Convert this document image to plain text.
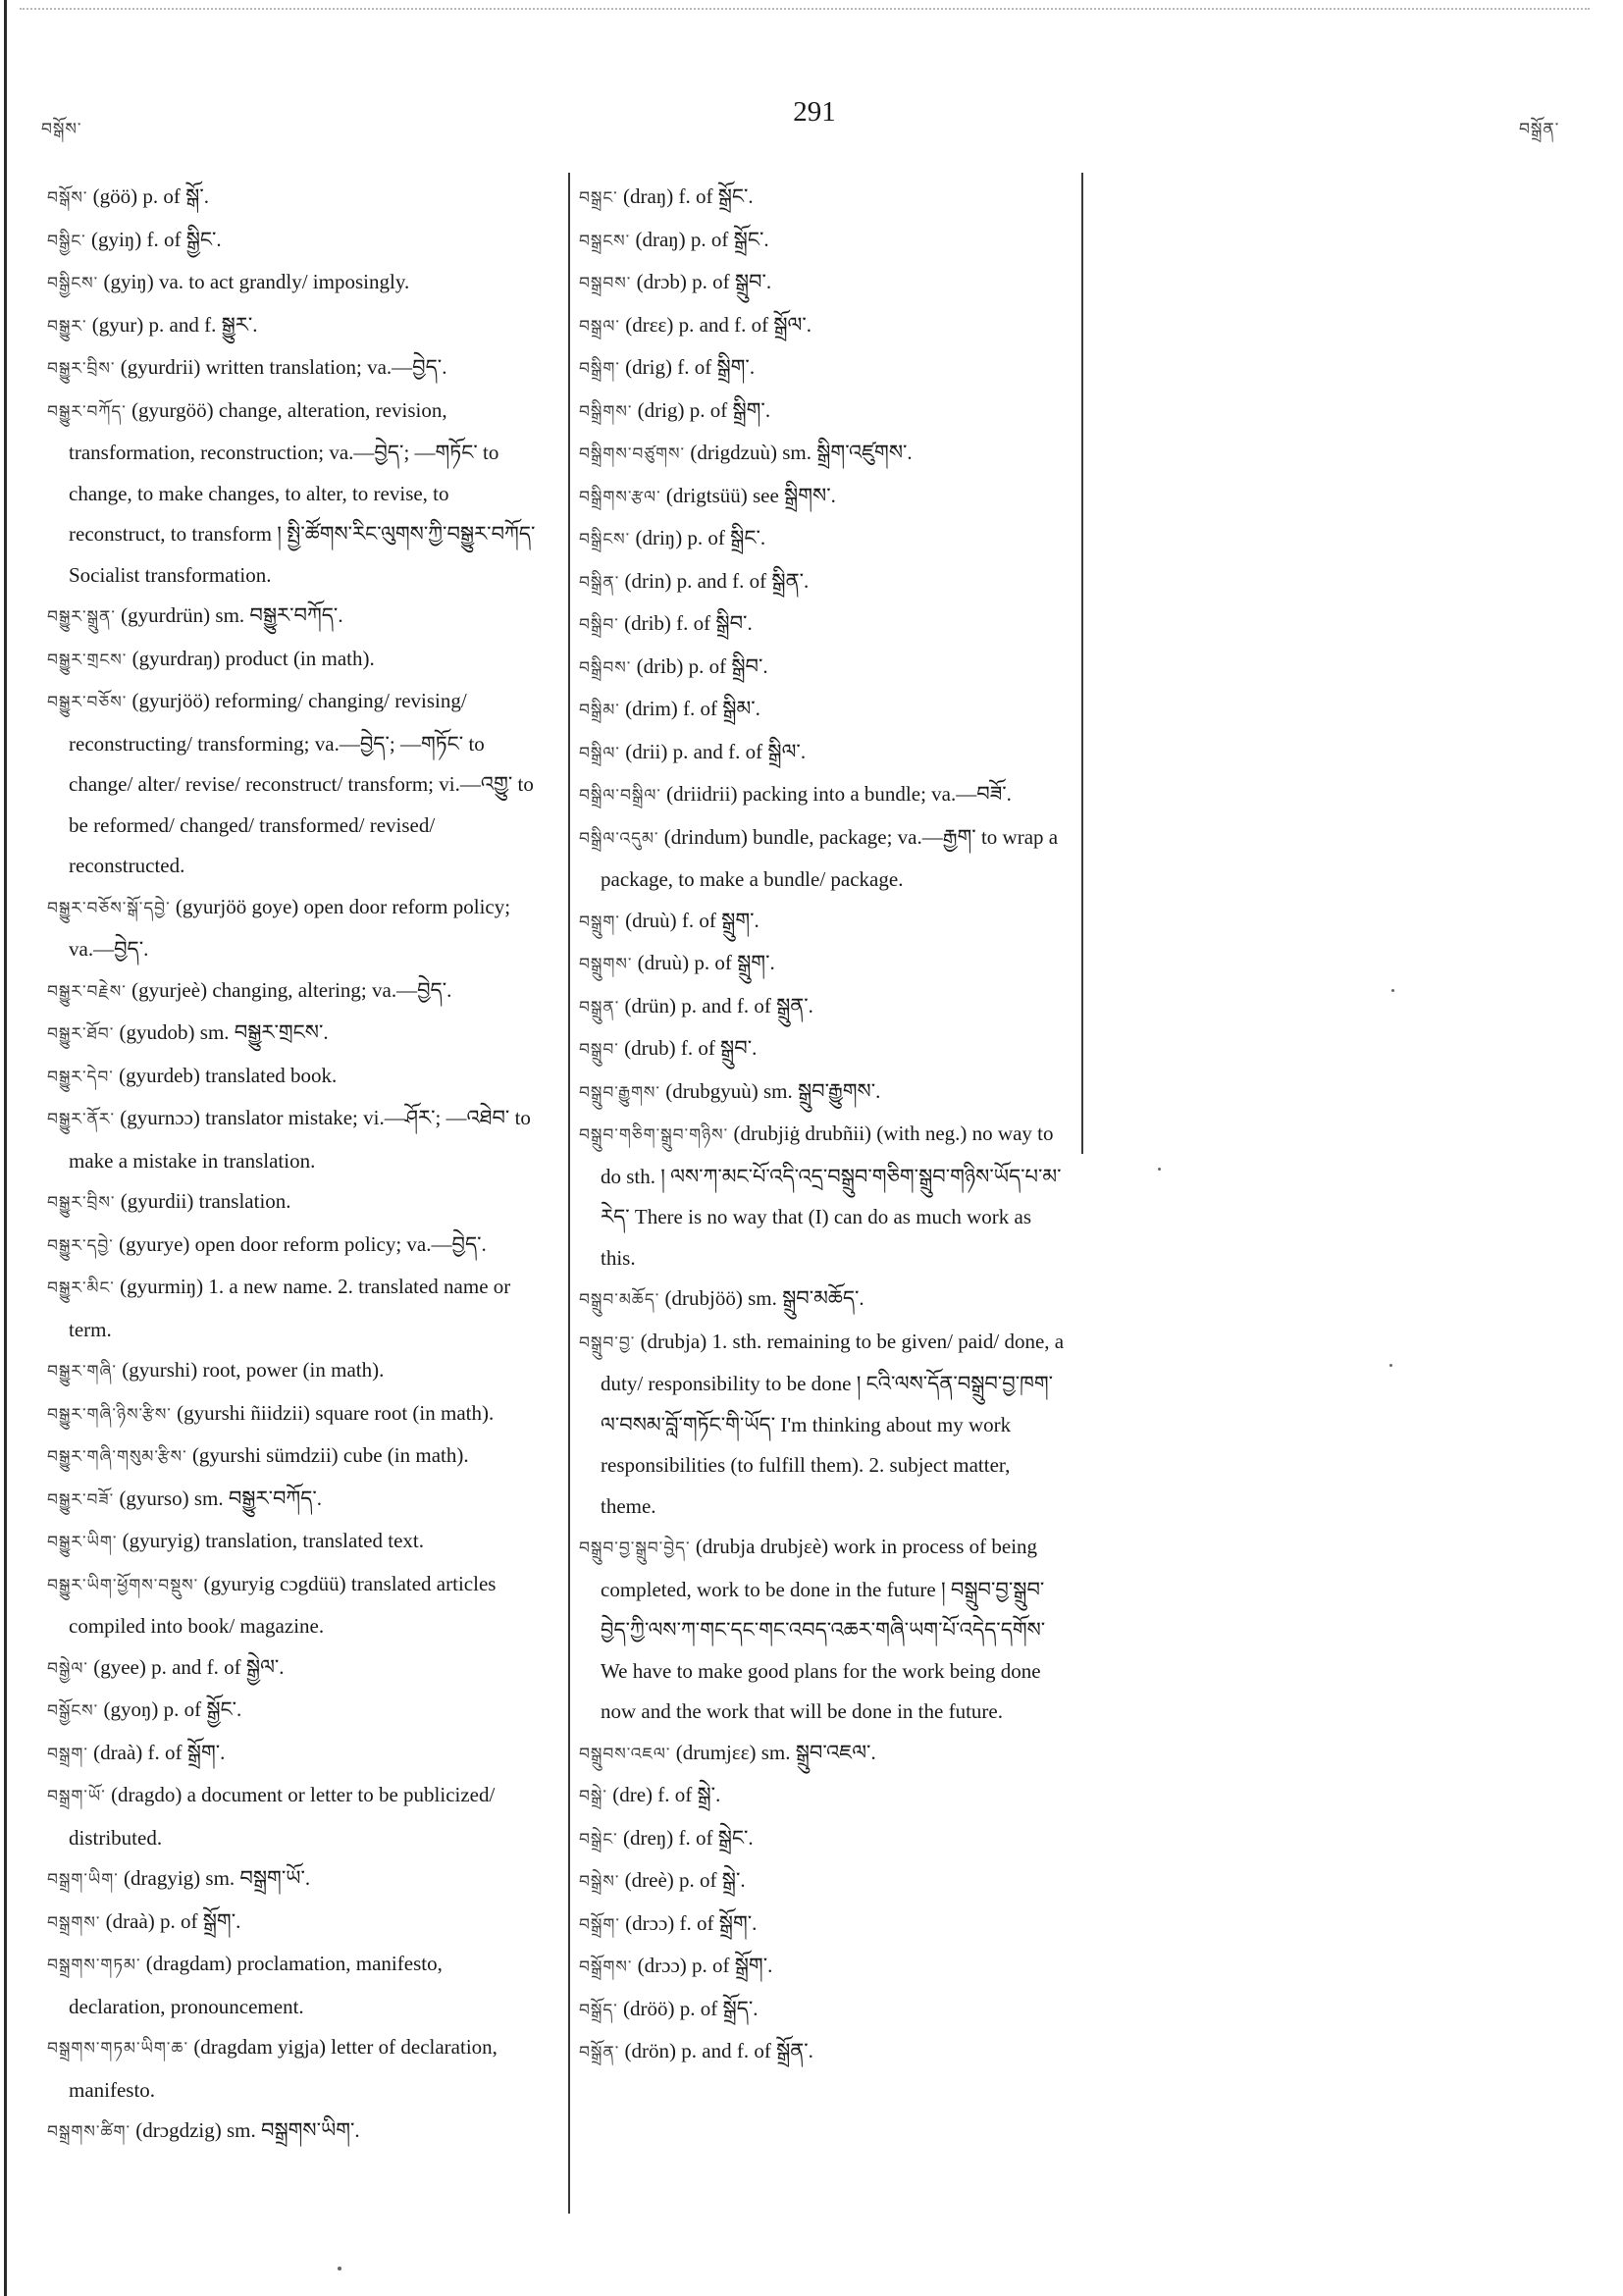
བསྒོས་
291
བསྒྲོན་
བསྒོས་ (göö) p. of སྒོ་.
བསྒྱིང་ (gyiŋ) f. of སྒྱིང་.
བསྒྱིངས་ (gyiŋ) va. to act grandly/ imposingly.
བསྒྱུར་ (gyur) p. and f. སྒྱུར་.
བསྒྱུར་བྲིས་ (gyurdrii) written translation; va.—བྱེད་.
བསྒྱུར་བཀོད་ (gyurgöö) change, alteration, revision, transformation, reconstruction; va.—བྱེད་; —གཏོང་ to change, to make changes, to alter, to revise, to reconstruct, to transform ། སྤྱི་ཚོགས་རིང་ལུགས་ཀྱི་བསྒྱུར་བཀོད་ Socialist transformation.
བསྒྱུར་སྒྲུན་ (gyurdrün) sm. བསྒྱུར་བཀོད་.
བསྒྱུར་གྲངས་ (gyurdraŋ) product (in math).
བསྒྱུར་བཅོས་ (gyurjöö) reforming/ changing/ revising/ reconstructing/ transforming; va.—བྱེད་; —གཏོང་ to change/ alter/ revise/ reconstruct/ transform; vi.—འགྱུ་ to be reformed/ changed/ transformed/ revised/ reconstructed.
བསྒྱུར་བཅོས་སྒོ་དབྱེ་ (gyurjöö goye) open door reform policy; va.—བྱེད་.
བསྒྱུར་བརྗེས་ (gyurjeè) changing, altering; va.—བྱེད་.
བསྒྱུར་ཐོབ་ (gyudob) sm. བསྒྱུར་གྲངས་.
བསྒྱུར་དེབ་ (gyurdeb) translated book.
བསྒྱུར་ནོར་ (gyurnɔɔ) translator mistake; vi.—ཤོར་; —འཐེབ་ to make a mistake in translation.
བསྒྱུར་བྲིས་ (gyurdii) translation.
བསྒྱུར་དབྱེ་ (gyurye) open door reform policy; va.—བྱེད་.
བསྒྱུར་མིང་ (gyurmiŋ) 1. a new name. 2. translated name or term.
བསྒྱུར་གཞི་ (gyurshi) root, power (in math).
བསྒྱུར་གཞི་ཉིས་རྩིས་ (gyurshi ñiidzii) square root (in math).
བསྒྱུར་གཞི་གསུམ་རྩིས་ (gyurshi sümdzii) cube (in math).
བསྒྱུར་བཟོ་ (gyurso) sm. བསྒྱུར་བཀོད་.
བསྒྱུར་ཡིག་ (gyuryig) translation, translated text.
བསྒྱུར་ཡིག་ཕྱོགས་བསྡུས་ (gyuryig cɔgdüü) translated articles compiled into book/ magazine.
བསྒྱེལ་ (gyee) p. and f. of སྒྱེལ་.
བསྒྱོངས་ (gyoŋ) p. of སྒྱོང་.
བསྒྲག་ (draà) f. of སྒྲོག་.
བསྒྲག་ཡོ་ (dragdo) a document or letter to be publicized/ distributed.
བསྒྲག་ཡིག་ (dragyig) sm. བསྒྲག་ཡོ་.
བསྒྲགས་ (draà) p. of སྒྲོག་.
བསྒྲགས་གཏམ་ (dragdam) proclamation, manifesto, declaration, pronouncement.
བསྒྲགས་གཏམ་ཡིག་ཆ་ (dragdam yigja) letter of declaration, manifesto.
བསྒྲགས་ཚིག་ (drɔgdzig) sm. བསྒྲགས་ཡིག་.
བསྒྲང་ (draŋ) f. of སྒྲོང་.
བསྒྲངས་ (draŋ) p. of སྒྲོང་.
བསྒྲབས་ (drɔb) p. of སྒྲུབ་.
བསྒྲལ་ (drɛɛ) p. and f. of སྒྲོལ་.
བསྒྲིག་ (drig) f. of སྒྲིག་.
བསྒྲིགས་ (drig) p. of སྒྲིག་.
བསྒྲིགས་བཙུགས་ (drigdzuù) sm. སྒྲིག་འཛུགས་.
བསྒྲིགས་རྩལ་ (drigtsüü) see སྒྲིགས་.
བསྒྲིངས་ (driŋ) p. of སྒྲིང་.
བསྒྲིན་ (drin) p. and f. of སྒྲིན་.
བསྒྲིབ་ (drib) f. of སྒྲིབ་.
བསྒྲིབས་ (drib) p. of སྒྲིབ་.
བསྒྲིམ་ (drim) f. of སྒྲིམ་.
བསྒྲིལ་ (drii) p. and f. of སྒྲིལ་.
བསྒྲིལ་བསྒྲིལ་ (driidrii) packing into a bundle; va.—བཟོ་.
བསྒྲིལ་འདུམ་ (drindum) bundle, package; va.—རྒྱག་ to wrap a package, to make a bundle/ package.
བསྒྲུག་ (druù) f. of སྒྲུག་.
བསྒྲུགས་ (druù) p. of སྒྲུག་.
བསྒྲུན་ (drün) p. and f. of སྒྲུན་.
བསྒྲུབ་ (drub) f. of སྒྲུབ་.
བསྒྲུབ་རྒྱུགས་ (drubgyuù) sm. སྒྲུབ་རྒྱུགས་.
བསྒྲུབ་གཅིག་སྒྲུབ་གཉིས་ (drubjiġ drubñii) (with neg.) no way to do sth. ། ལས་ཀ་མང་པོ་འདི་འདྲ་བསྒྲུབ་གཅིག་སྒྲུབ་གཉིས་ཡོད་པ་མ་རེད་ There is no way that (I) can do as much work as this.
བསྒྲུབ་མཆོད་ (drubjöö) sm. སྒྲུབ་མཆོད་.
བསྒྲུབ་བྱ་ (drubja) 1. sth. remaining to be given/ paid/ done, a duty/ responsibility to be done ། ངའི་ལས་དོན་བསྒྲུབ་བྱ་ཁག་ལ་བསམ་བློ་གཏོང་གི་ཡོད་ I'm thinking about my work responsibilities (to fulfill them). 2. subject matter, theme.
བསྒྲུབ་བྱ་སྒྲུབ་བྱེད་ (drubja drubjɛè) work in process of being completed, work to be done in the future ། བསྒྲུབ་བྱ་སྒྲུབ་བྱེད་ཀྱི་ལས་ཀ་གང་དང་གང་འབད་འཆར་གཞི་ཡག་པོ་འདེད་དགོས་ We have to make good plans for the work being done now and the work that will be done in the future.
བསྒྲུབས་འཇལ་ (drumjɛɛ) sm. སྒྲུབ་འཇལ་.
བསྒྲེ་ (dre) f. of སྒྲེ་.
བསྒྲེང་ (dreŋ) f. of སྒྲེང་.
བསྒྲེས་ (dreè) p. of སྒྲེ་.
བསྒྲོག་ (drɔɔ) f. of སྒྲོག་.
བསྒྲོགས་ (drɔɔ) p. of སྒྲོག་.
བསྒྲོད་ (dröö) p. of སྒྲོད་.
བསྒྲོན་ (drön) p. and f. of སྒྲོན་.
